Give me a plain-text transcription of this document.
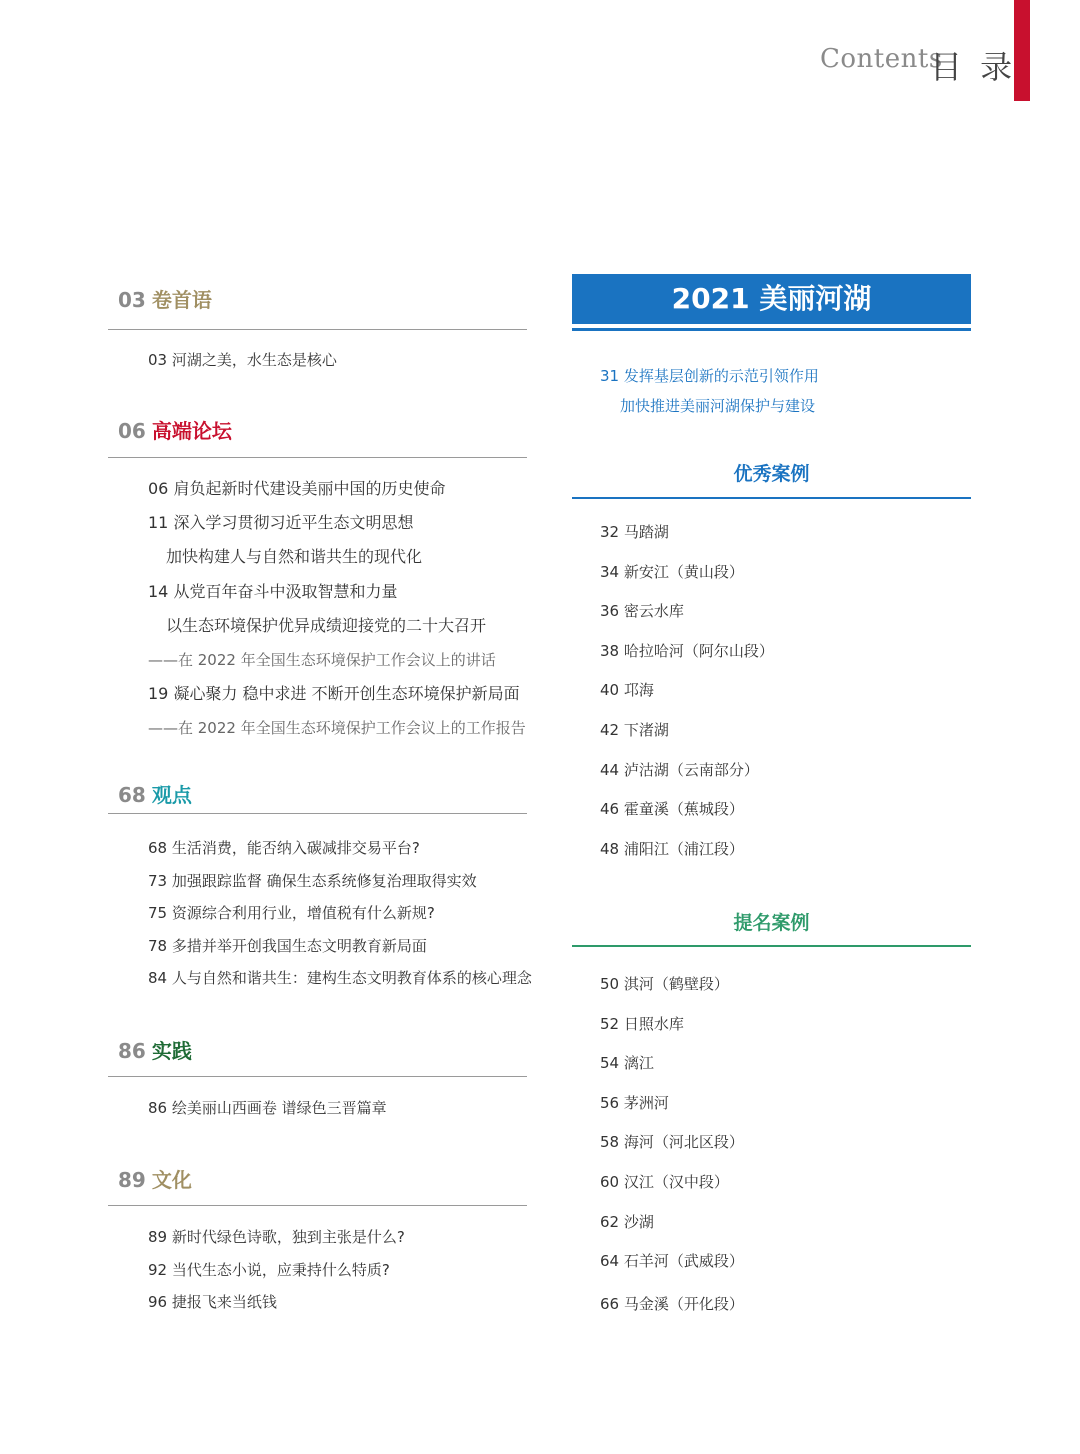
Contents
目 录
03 卷首语
03 河湖之美，水生态是核心
06 高端论坛
06 肩负起新时代建设美丽中国的历史使命
11 深入学习贯彻习近平生态文明思想
加快构建人与自然和谐共生的现代化
14 从党百年奋斗中汲取智慧和力量
以生态环境保护优异成绩迎接党的二十大召开
——在 2022 年全国生态环境保护工作会议上的讲话
19 凝心聚力 稳中求进 不断开创生态环境保护新局面
——在 2022 年全国生态环境保护工作会议上的工作报告
68 观点
68 生活消费，能否纳入碳减排交易平台?
73 加强跟踪监督 确保生态系统修复治理取得实效
75 资源综合利用行业，增值税有什么新规?
78 多措并举开创我国生态文明教育新局面
84 人与自然和谐共生：建构生态文明教育体系的核心理念
86 实践
86 绘美丽山西画卷 谱绿色三晋篇章
89 文化
89 新时代绿色诗歌，独到主张是什么?
92 当代生态小说，应秉持什么特质?
96 捷报飞来当纸钱
2021 美丽河湖
31 发挥基层创新的示范引领作用
加快推进美丽河湖保护与建设
优秀案例
32 马踏湖
34 新安江（黄山段）
36 密云水库
38 哈拉哈河（阿尔山段）
40 邛海
42 下渚湖
44 泸沽湖（云南部分）
46 霍童溪（蕉城段）
48 浦阳江（浦江段）
提名案例
50 淇河（鹤壁段）
52 日照水库
54 漓江
56 茅洲河
58 海河（河北区段）
60 汉江（汉中段）
62 沙湖
64 石羊河（武威段）
66 马金溪（开化段）
